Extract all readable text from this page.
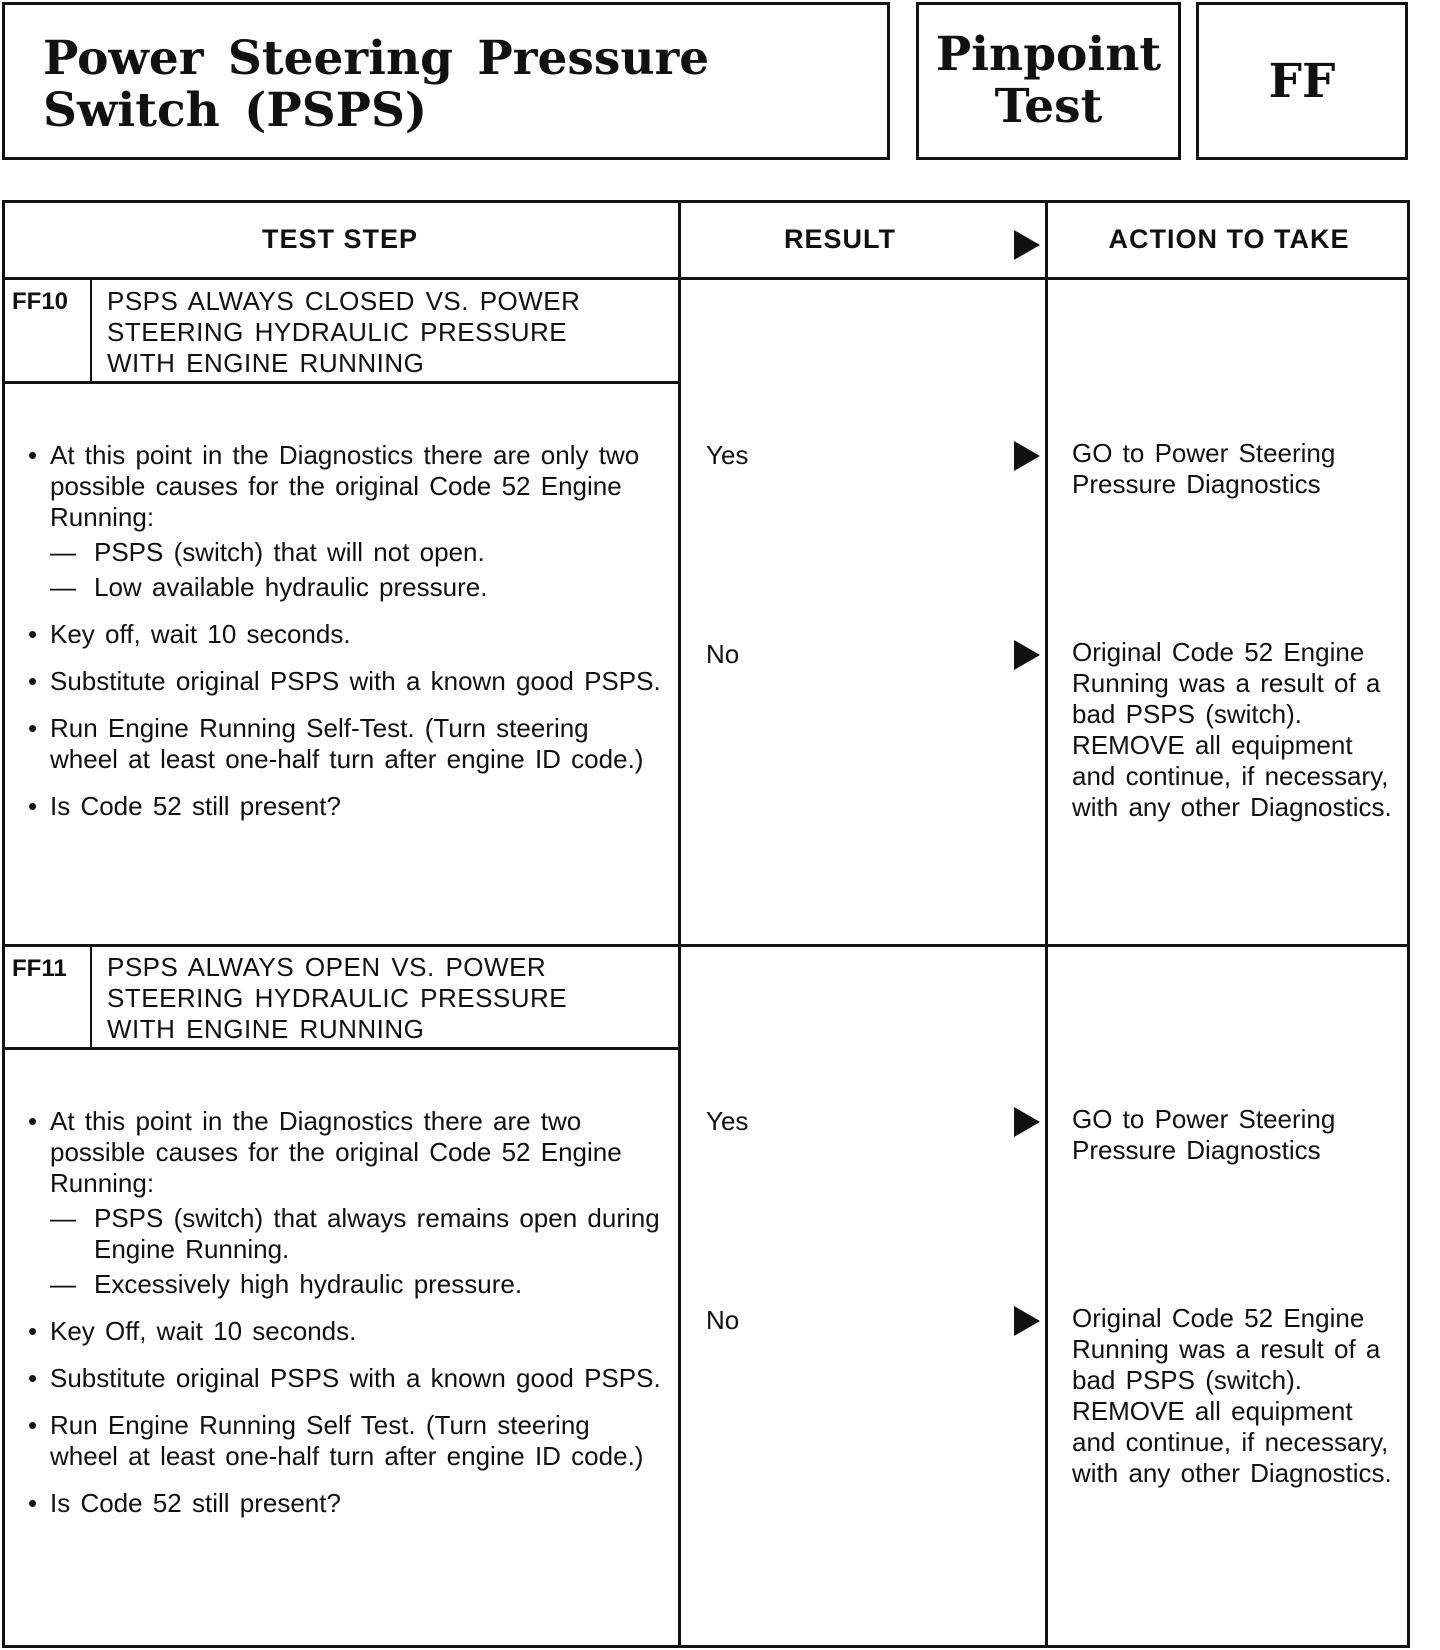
Power Steering Pressure
Switch (PSPS)
Pinpoint
Test	FF
TEST STEP	RESULT	ACTION TO TAKE
FF10 PSPS ALWAYS CLOSED VS. POWER
STEERING HYDRAULIC PRESSURE
WITH ENGINE RUNNING
• At this point in the Diagnostics there are only two possible causes for the original Code 52 Engine Running:
— PSPS (switch) that will not open.
— Low available hydraulic pressure.
• Key off, wait 10 seconds.
• Substitute original PSPS with a known good PSPS.
• Run Engine Running Self-Test. (Turn steering wheel at least one-half turn after engine ID code.)
• Is Code 52 still present?
Yes	GO to Power Steering Pressure Diagnostics
No	Original Code 52 Engine Running was a result of a bad PSPS (switch). REMOVE all equipment and continue, if necessary, with any other Diagnostics.
FF11 PSPS ALWAYS OPEN VS. POWER
STEERING HYDRAULIC PRESSURE
WITH ENGINE RUNNING
• At this point in the Diagnostics there are two possible causes for the original Code 52 Engine Running:
— PSPS (switch) that always remains open during Engine Running.
— Excessively high hydraulic pressure.
• Key Off, wait 10 seconds.
• Substitute original PSPS with a known good PSPS.
• Run Engine Running Self Test. (Turn steering wheel at least one-half turn after engine ID code.)
• Is Code 52 still present?
Yes	GO to Power Steering Pressure Diagnostics
No	Original Code 52 Engine Running was a result of a bad PSPS (switch). REMOVE all equipment and continue, if necessary, with any other Diagnostics.
